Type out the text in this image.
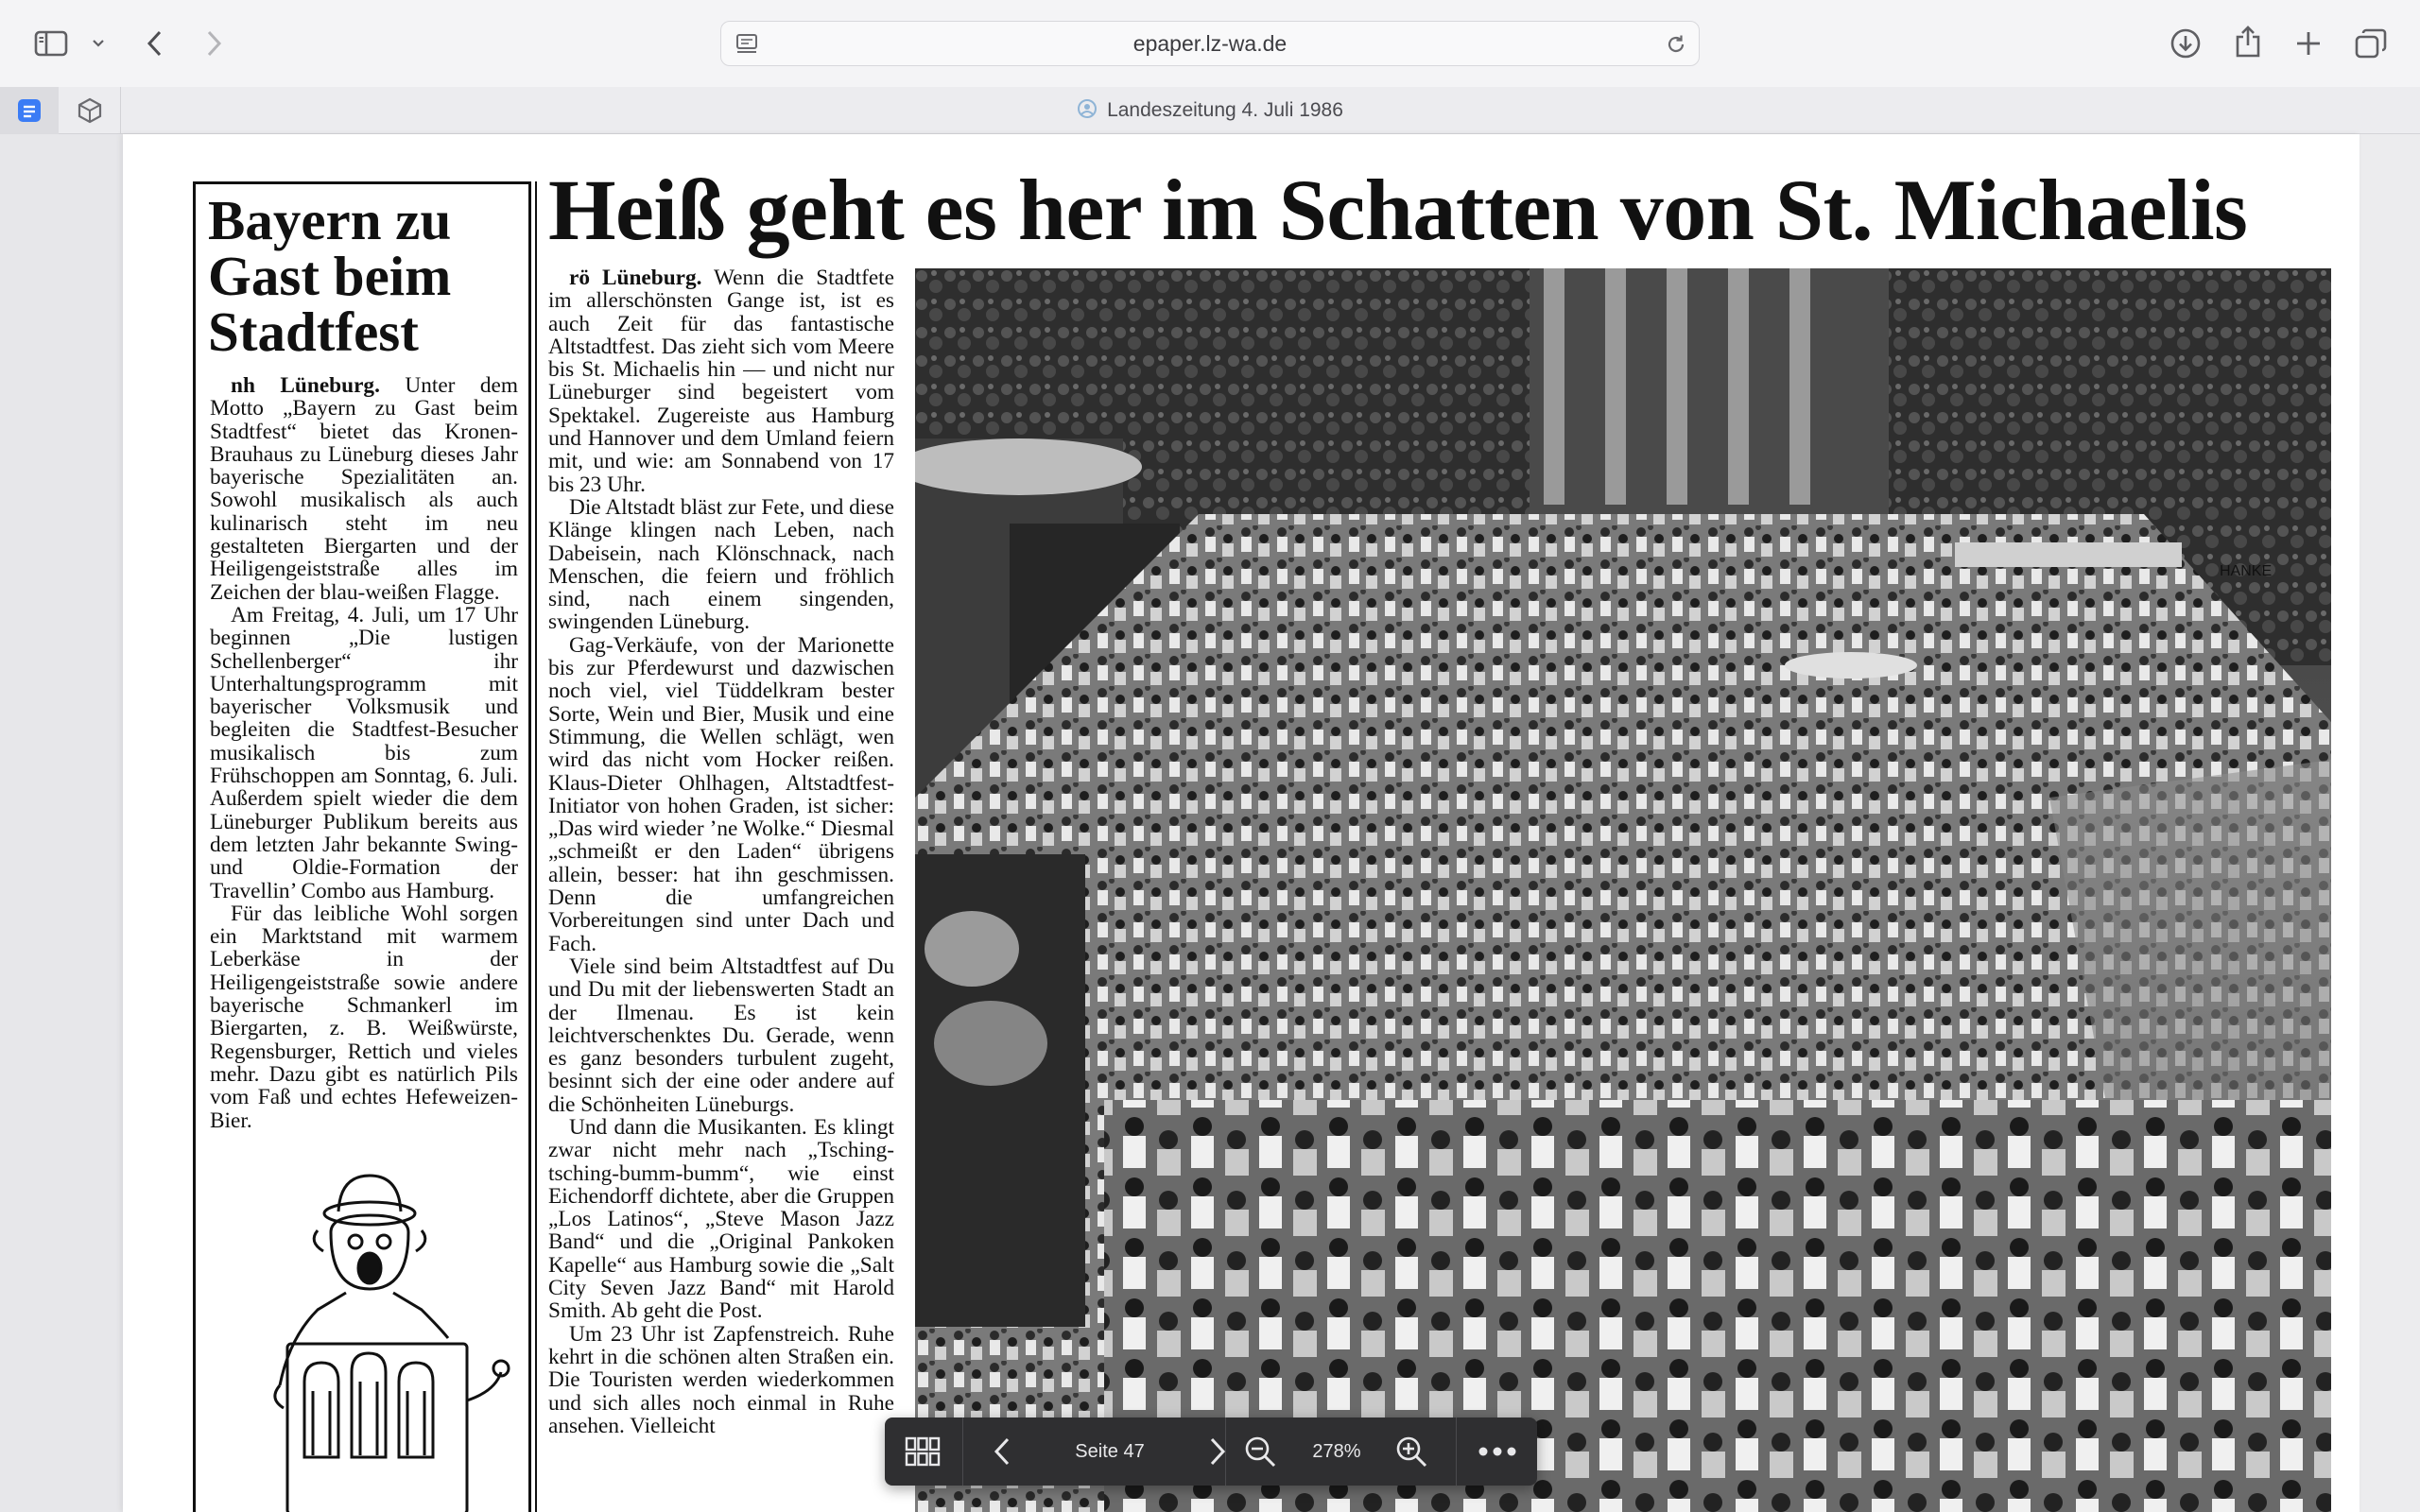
epaper.lz-wa.de
Landeszeitung 4. Juli 1986
Bayern zu Gast beim Stadtfest

nh Lüneburg. Unter dem Motto „Bayern zu Gast beim Stadtfest“ bietet das Kronen-Brauhaus zu Lüneburg dieses Jahr bayerische Spezialitäten an. Sowohl musikalisch als auch kulinarisch steht im neu gestalteten Biergarten und der Heiligengeiststraße alles im Zeichen der blau-weißen Flagge.

Am Freitag, 4. Juli, um 17 Uhr beginnen „Die lustigen Schellenberger“ ihr Unterhaltungsprogramm mit bayerischer Volksmusik und begleiten die Stadtfest-Besucher musikalisch bis zum Frühschoppen am Sonntag, 6. Juli. Außerdem spielt wieder die dem Lüneburger Publikum bereits aus dem letzten Jahr bekannte Swing- und Oldie-Formation der Travellin’ Combo aus Hamburg.

Für das leibliche Wohl sorgen ein Marktstand mit warmem Leberkäse in der Heiligengeiststraße sowie andere bayerische Schmankerl im Biergarten, z. B. Weißwürste, Regensburger, Rettich und vieles mehr. Dazu gibt es natürlich Pils vom Faß und echtes Hefeweizen-Bier.

Heiß geht es her im Schatten von St. Michaelis

rö Lüneburg. Wenn die Stadtfete im allerschönsten Gange ist, ist es auch Zeit für das fantastische Altstadtfest. Das zieht sich vom Meere bis St. Michaelis hin — und nicht nur Lüneburger sind begeistert vom Spektakel. Zugereiste aus Hamburg und Hannover und dem Umland feiern mit, und wie: am Sonnabend von 17 bis 23 Uhr.

Die Altstadt bläst zur Fete, und diese Klänge klingen nach Leben, nach Dabeisein, nach Klönschnack, nach Menschen, die feiern und fröhlich sind, nach einem singenden, swingenden Lüneburg.

Gag-Verkäufe, von der Marionette bis zur Pferdewurst und dazwischen noch viel, viel Tüddelkram bester Sorte, Wein und Bier, Musik und eine Stimmung, die Wellen schlägt, wen wird das nicht vom Hocker reißen. Klaus-Dieter Ohlhagen, Altstadtfest-Initiator von hohen Graden, ist sicher: „Das wird wieder ’ne Wolke.“ Diesmal „schmeißt er den Laden“ übrigens allein, besser: hat ihn geschmissen. Denn die umfangreichen Vorbereitungen sind unter Dach und Fach.

Viele sind beim Altstadtfest auf Du und Du mit der liebenswerten Stadt an der Ilmenau. Es ist kein leichtverschenktes Du. Gerade, wenn es ganz besonders turbulent zugeht, besinnt sich der eine oder andere auf die Schönheiten Lüneburgs.

Und dann die Musikanten. Es klingt zwar nicht mehr nach „Tsching-tsching-bumm-bumm“, wie einst Eichendorff dichtete, aber die Gruppen „Los Latinos“, „Steve Mason Jazz Band“ und die „Original Pankoken Kapelle“ aus Hamburg sowie die „Salt City Seven Jazz Band“ mit Harold Smith. Ab geht die Post.

Um 23 Uhr ist Zapfenstreich. Ruhe kehrt in die schönen alten Straßen ein. Die Touristen werden wiederkommen und sich alles noch einmal in Ruhe ansehen. Vielleicht

HANKE
Seite 47	278%
